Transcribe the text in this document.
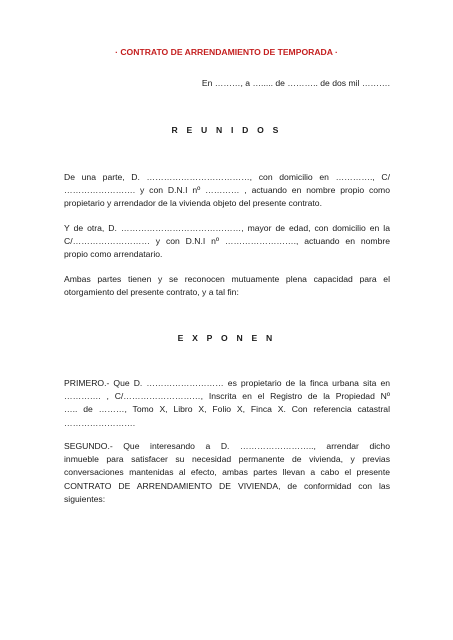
· CONTRATO DE ARRENDAMIENTO DE TEMPORADA ·
En ………, a …..... de ……….. de dos mil ……….
R E U N I D O S
De una parte, D. ………………………………, con domicilio en …………., C/
……………………. y con D.N.I nº ………… , actuando en nombre propio como
propietario y arrendador de la vivienda objeto del presente contrato.
Y de otra, D. ……………………………………, mayor de edad, con domicilio en la
C/……………………… y con D.N.I nº ……………………., actuando en nombre
propio como arrendatario.
Ambas partes tienen y se reconocen mutuamente plena capacidad para el
otorgamiento del presente contrato, y a tal fin:
E X P O N E N
PRIMERO.- Que D. ……………………… es propietario de la finca urbana sita en
…………. , C/………………………, Inscrita en el Registro de la Propiedad Nº
….. de ………, Tomo X, Libro X, Folio X, Finca X. Con referencia catastral
…………………….
SEGUNDO.- Que interesando a D. …………………….., arrendar dicho
inmueble para satisfacer su necesidad permanente de vivienda, y previas
conversaciones mantenidas al efecto, ambas partes llevan a cabo el presente
CONTRATO DE ARRENDAMIENTO DE VIVIENDA, de conformidad con las
siguientes:
